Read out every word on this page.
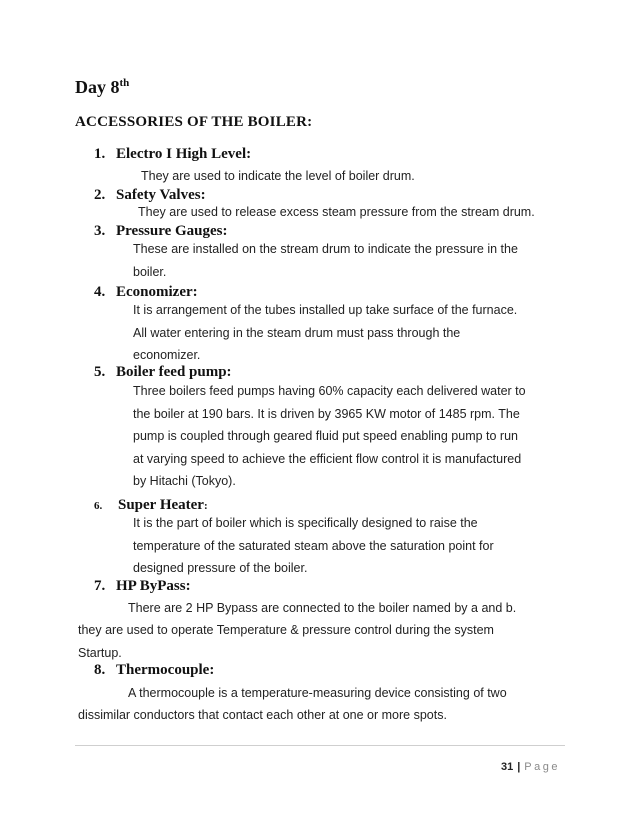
Day 8th
ACCESSORIES OF THE BOILER:
1. Electro I High Level:
They are used to indicate the level of boiler drum.
2. Safety Valves:
They are used to release excess steam pressure from the stream drum.
3. Pressure Gauges:
These are installed on the stream drum to indicate the pressure in the
boiler.
4. Economizer:
It is arrangement of the tubes installed up take surface of the furnace.
All water entering in the steam drum must pass through the
economizer.
5. Boiler feed pump:
Three boilers feed pumps having 60% capacity each delivered water to
the boiler at 190 bars. It is driven by 3965 KW motor of 1485 rpm. The
pump is coupled through geared fluid put speed enabling pump to run
at varying speed to achieve the efficient flow control it is manufactured
by Hitachi (Tokyo).
6. Super Heater:
It is the part of boiler which is specifically designed to raise the
temperature of the saturated steam above the saturation point for
designed pressure of the boiler.
7. HP ByPass:
There are 2 HP Bypass are connected to the boiler named by a and b.
they are used to operate Temperature & pressure control during the system
Startup.
8. Thermocouple:
A thermocouple is a temperature-measuring device consisting of two
dissimilar conductors that contact each other at one or more spots.
31 | Page
